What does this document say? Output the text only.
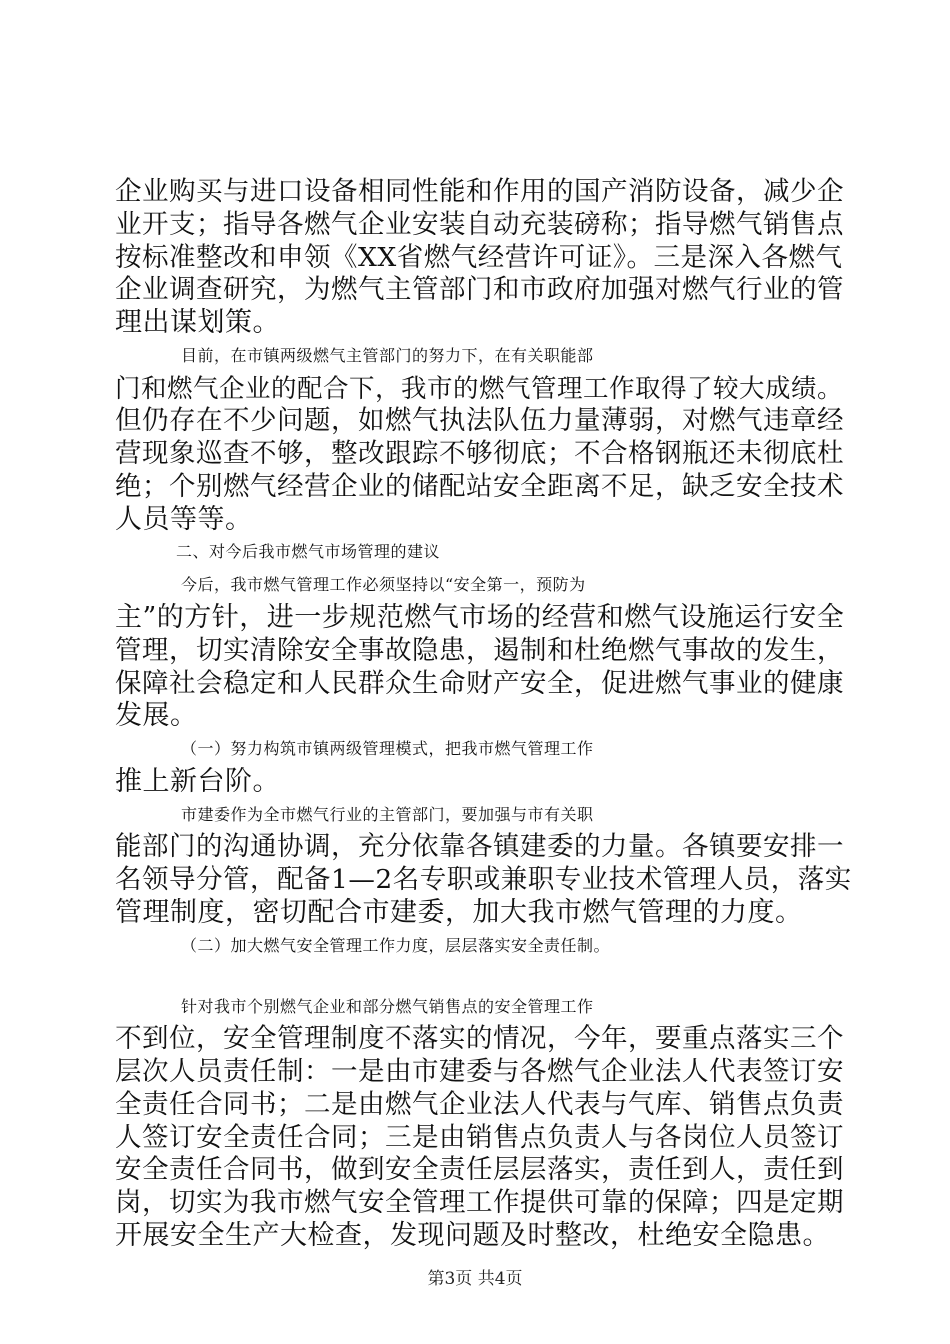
企业购买与进口设备相同性能和作用的国产消防设备，减少企
业开支；指导各燃气企业安装自动充装磅称；指导燃气销售点
按标准整改和申领《XX省燃气经营许可证》。三是深入各燃气
企业调查研究，为燃气主管部门和市政府加强对燃气行业的管
理出谋划策。
目前，在市镇两级燃气主管部门的努力下，在有关职能部
门和燃气企业的配合下，我市的燃气管理工作取得了较大成绩。
但仍存在不少问题，如燃气执法队伍力量薄弱，对燃气违章经
营现象巡查不够，整改跟踪不够彻底；不合格钢瓶还未彻底杜
绝；个别燃气经营企业的储配站安全距离不足，缺乏安全技术
人员等等。
二、对今后我市燃气市场管理的建议
今后，我市燃气管理工作必须坚持以“安全第一，预防为
主”的方针，进一步规范燃气市场的经营和燃气设施运行安全
管理，切实清除安全事故隐患，遏制和杜绝燃气事故的发生，
保障社会稳定和人民群众生命财产安全，促进燃气事业的健康
发展。
（一）努力构筑市镇两级管理模式，把我市燃气管理工作
推上新台阶。
市建委作为全市燃气行业的主管部门，要加强与市有关职
能部门的沟通协调，充分依靠各镇建委的力量。各镇要安排一
名领导分管，配备1—2名专职或兼职专业技术管理人员，落实
管理制度，密切配合市建委，加大我市燃气管理的力度。
（二）加大燃气安全管理工作力度，层层落实安全责任制。
针对我市个别燃气企业和部分燃气销售点的安全管理工作
不到位，安全管理制度不落实的情况，今年，要重点落实三个
层次人员责任制：一是由市建委与各燃气企业法人代表签订安
全责任合同书；二是由燃气企业法人代表与气库、销售点负责
人签订安全责任合同；三是由销售点负责人与各岗位人员签订
安全责任合同书，做到安全责任层层落实，责任到人，责任到
岗，切实为我市燃气安全管理工作提供可靠的保障；四是定期
开展安全生产大检查，发现问题及时整改，杜绝安全隐患。
第3页 共4页
